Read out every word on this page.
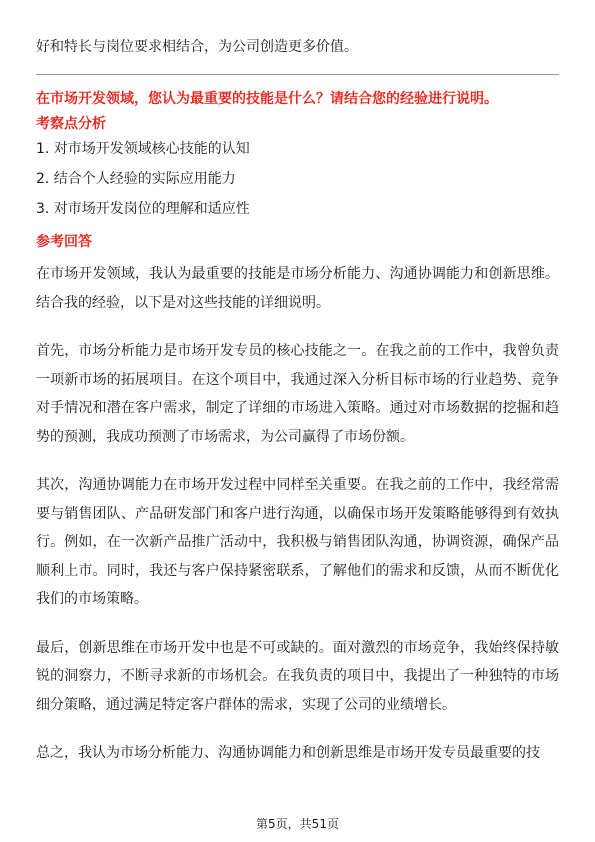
好和特长与岗位要求相结合，为公司创造更多价值。

在市场开发领域，您认为最重要的技能是什么？请结合您的经验进行说明。

考察点分析

1. 对市场开发领域核心技能的认知
2. 结合个人经验的实际应用能力
3. 对市场开发岗位的理解和适应性

参考回答

在市场开发领域，我认为最重要的技能是市场分析能力、沟通协调能力和创新思维。结合我的经验，以下是对这些技能的详细说明。

首先，市场分析能力是市场开发专员的核心技能之一。在我之前的工作中，我曾负责一项新市场的拓展项目。在这个项目中，我通过深入分析目标市场的行业趋势、竞争对手情况和潜在客户需求，制定了详细的市场进入策略。通过对市场数据的挖掘和趋势的预测，我成功预测了市场需求，为公司赢得了市场份额。

其次，沟通协调能力在市场开发过程中同样至关重要。在我之前的工作中，我经常需要与销售团队、产品研发部门和客户进行沟通，以确保市场开发策略能够得到有效执行。例如，在一次新产品推广活动中，我积极与销售团队沟通，协调资源，确保产品顺利上市。同时，我还与客户保持紧密联系，了解他们的需求和反馈，从而不断优化我们的市场策略。

最后，创新思维在市场开发中也是不可或缺的。面对激烈的市场竞争，我始终保持敏锐的洞察力，不断寻求新的市场机会。在我负责的项目中，我提出了一种独特的市场细分策略，通过满足特定客户群体的需求，实现了公司的业绩增长。

总之，我认为市场分析能力、沟通协调能力和创新思维是市场开发专员最重要的技

第5页，共51页
